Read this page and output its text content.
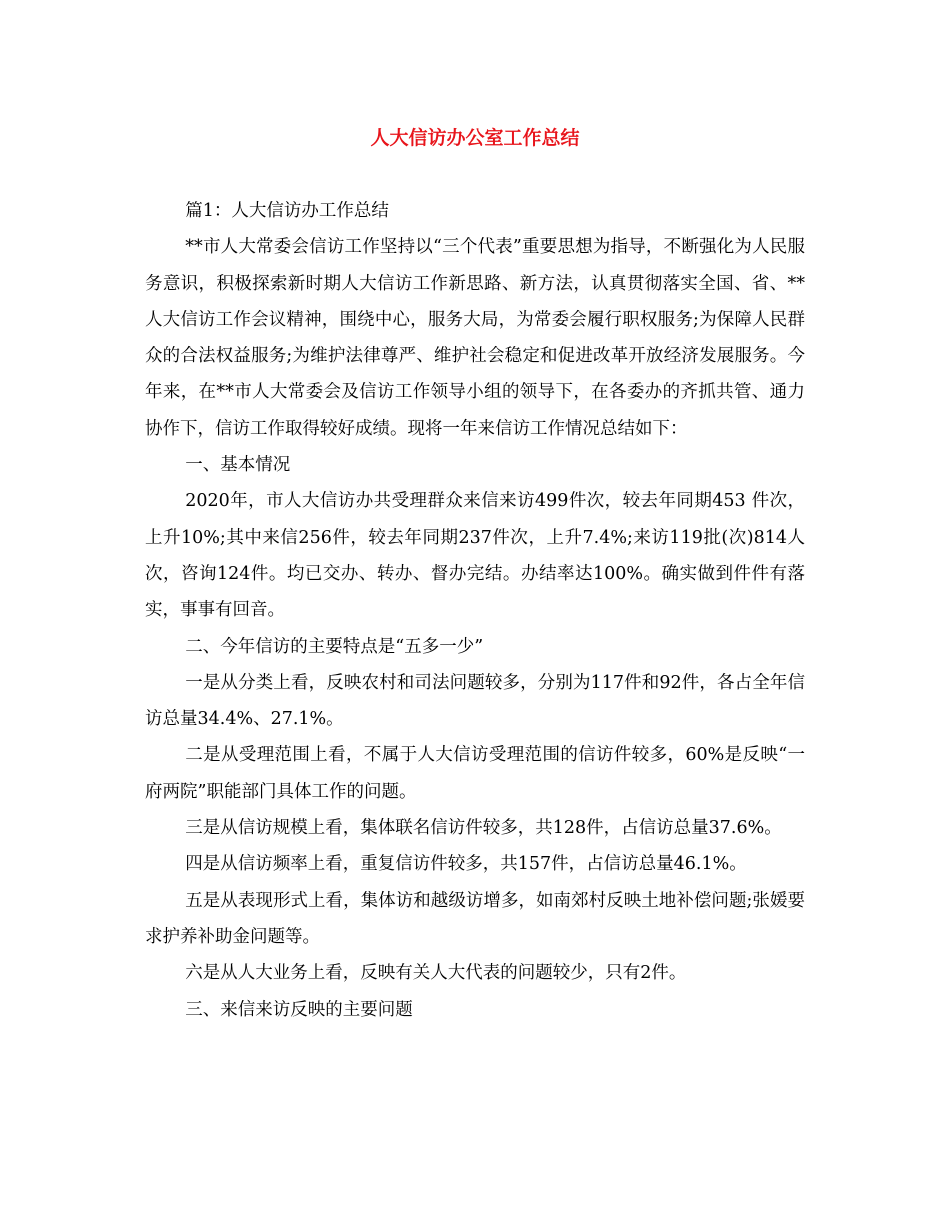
人大信访办公室工作总结

篇1：人大信访办工作总结

**市人大常委会信访工作坚持以“三个代表”重要思想为指导，不断强化为人民服务意识，积极探索新时期人大信访工作新思路、新方法，认真贯彻落实全国、省、**人大信访工作会议精神，围绕中心，服务大局，为常委会履行职权服务;为保障人民群众的合法权益服务;为维护法律尊严、维护社会稳定和促进改革开放经济发展服务。今年来，在**市人大常委会及信访工作领导小组的领导下，在各委办的齐抓共管、通力协作下，信访工作取得较好成绩。现将一年来信访工作情况总结如下：

一、基本情况

2020年，市人大信访办共受理群众来信来访499件次，较去年同期453 件次，上升10%;其中来信256件，较去年同期237件次，上升7.4%;来访119批(次)814人次，咨询124件。均已交办、转办、督办完结。办结率达100%。确实做到件件有落实，事事有回音。

二、今年信访的主要特点是“五多一少”

一是从分类上看，反映农村和司法问题较多，分别为117件和92件，各占全年信访总量34.4%、27.1%。

二是从受理范围上看，不属于人大信访受理范围的信访件较多，60%是反映“一府两院”职能部门具体工作的问题。

三是从信访规模上看，集体联名信访件较多，共128件，占信访总量37.6%。

四是从信访频率上看，重复信访件较多，共157件，占信访总量46.1%。

五是从表现形式上看，集体访和越级访增多，如南郊村反映土地补偿问题;张媛要求护养补助金问题等。

六是从人大业务上看，反映有关人大代表的问题较少，只有2件。

三、来信来访反映的主要问题
